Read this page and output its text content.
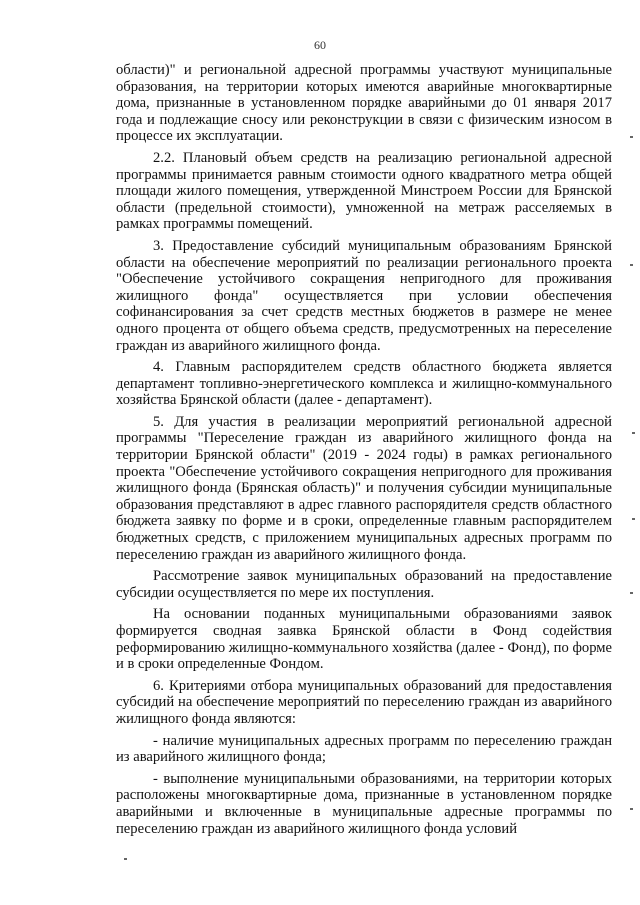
60

области)" и региональной адресной программы участвуют муниципальные образования, на территории которых имеются аварийные многоквартирные дома, признанные в установленном порядке аварийными до 01 января 2017 года и подлежащие сносу или реконструкции в связи с физическим износом в процессе их эксплуатации.

2.2. Плановый объем средств на реализацию региональной адресной программы принимается равным стоимости одного квадратного метра общей площади жилого помещения, утвержденной Минстроем России для Брянской области (предельной стоимости), умноженной на метраж расселяемых в рамках программы помещений.

3. Предоставление субсидий муниципальным образованиям Брянской области на обеспечение мероприятий по реализации регионального проекта "Обеспечение устойчивого сокращения непригодного для проживания жилищного фонда" осуществляется при условии обеспечения софинансирования за счет средств местных бюджетов в размере не менее одного процента от общего объема средств, предусмотренных на переселение граждан из аварийного жилищного фонда.

4. Главным распорядителем средств областного бюджета является департамент топливно-энергетического комплекса и жилищно-коммунального хозяйства Брянской области (далее - департамент).

5. Для участия в реализации мероприятий региональной адресной программы "Переселение граждан из аварийного жилищного фонда на территории Брянской области" (2019 - 2024 годы) в рамках регионального проекта "Обеспечение устойчивого сокращения непригодного для проживания жилищного фонда (Брянская область)" и получения субсидии муниципальные образования представляют в адрес главного распорядителя средств областного бюджета заявку по форме и в сроки, определенные главным распорядителем бюджетных средств, с приложением муниципальных адресных программ по переселению граждан из аварийного жилищного фонда.

Рассмотрение заявок муниципальных образований на предоставление субсидии осуществляется по мере их поступления.

На основании поданных муниципальными образованиями заявок формируется сводная заявка Брянской области в Фонд содействия реформированию жилищно-коммунального хозяйства (далее - Фонд), по форме и в сроки определенные Фондом.

6. Критериями отбора муниципальных образований для предоставления субсидий на обеспечение мероприятий по переселению граждан из аварийного жилищного фонда являются:

- наличие муниципальных адресных программ по переселению граждан из аварийного жилищного фонда;

- выполнение муниципальными образованиями, на территории которых расположены многоквартирные дома, признанные в установленном порядке аварийными и включенные в муниципальные адресные программы по переселению граждан из аварийного жилищного фонда условий
